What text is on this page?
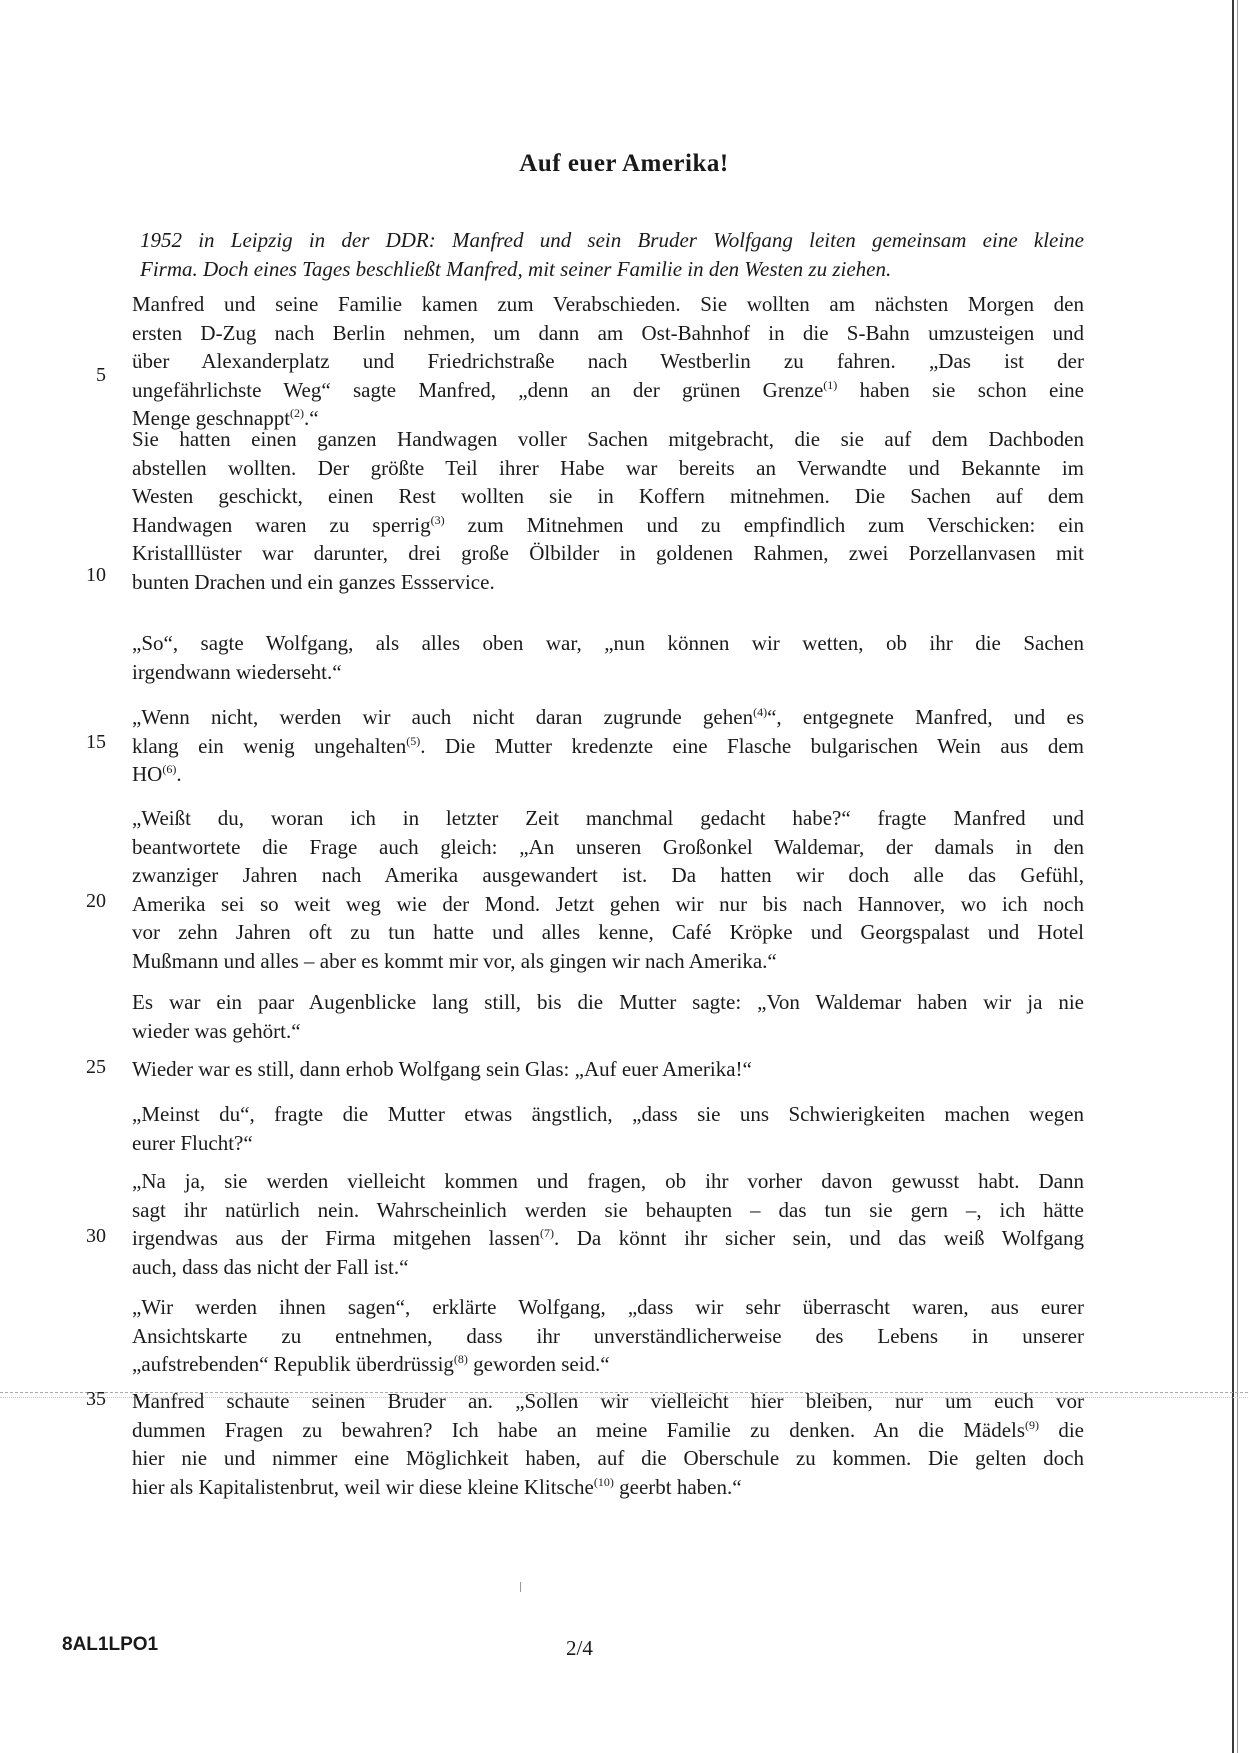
Auf euer Amerika!
1952 in Leipzig in der DDR: Manfred und sein Bruder Wolfgang leiten gemeinsam eine kleine
Firma. Doch eines Tages beschließt Manfred, mit seiner Familie in den Westen zu ziehen.
Manfred und seine Familie kamen zum Verabschieden. Sie wollten am nächsten Morgen den
ersten D-Zug nach Berlin nehmen, um dann am Ost-Bahnhof in die S-Bahn umzusteigen und
über Alexanderplatz und Friedrichstraße nach Westberlin zu fahren. „Das ist der
ungefährlichste Weg“ sagte Manfred, „denn an der grünen Grenze$^{(1)}$ haben sie schon eine
Menge geschnappt$^{(2)}$.“
5
Sie hatten einen ganzen Handwagen voller Sachen mitgebracht, die sie auf dem Dachboden
abstellen wollten. Der größte Teil ihrer Habe war bereits an Verwandte und Bekannte im
Westen geschickt, einen Rest wollten sie in Koffern mitnehmen. Die Sachen auf dem
Handwagen waren zu sperrig$^{(3)}$ zum Mitnehmen und zu empfindlich zum Verschicken: ein
Kristalllüster war darunter, drei große Ölbilder in goldenen Rahmen, zwei Porzellanvasen mit
bunten Drachen und ein ganzes Essservice.
10
„So“, sagte Wolfgang, als alles oben war, „nun können wir wetten, ob ihr die Sachen
irgendwann wiederseht.“
„Wenn nicht, werden wir auch nicht daran zugrunde gehen$^{(4)}$“, entgegnete Manfred, und es
klang ein wenig ungehalten$^{(5)}$. Die Mutter kredenzte eine Flasche bulgarischen Wein aus dem
HO$^{(6)}$.
15
„Weißt du, woran ich in letzter Zeit manchmal gedacht habe?“ fragte Manfred und
beantwortete die Frage auch gleich: „An unseren Großonkel Waldemar, der damals in den
zwanziger Jahren nach Amerika ausgewandert ist. Da hatten wir doch alle das Gefühl,
Amerika sei so weit weg wie der Mond. Jetzt gehen wir nur bis nach Hannover, wo ich noch
vor zehn Jahren oft zu tun hatte und alles kenne, Café Kröpke und Georgspalast und Hotel
Mußmann und alles – aber es kommt mir vor, als gingen wir nach Amerika.“
20
Es war ein paar Augenblicke lang still, bis die Mutter sagte: „Von Waldemar haben wir ja nie
wieder was gehört.“
Wieder war es still, dann erhob Wolfgang sein Glas: „Auf euer Amerika!“
25
„Meinst du“, fragte die Mutter etwas ängstlich, „dass sie uns Schwierigkeiten machen wegen
eurer Flucht?“
„Na ja, sie werden vielleicht kommen und fragen, ob ihr vorher davon gewusst habt. Dann
sagt ihr natürlich nein. Wahrscheinlich werden sie behaupten – das tun sie gern –, ich hätte
irgendwas aus der Firma mitgehen lassen$^{(7)}$. Da könnt ihr sicher sein, und das weiß Wolfgang
auch, dass das nicht der Fall ist.“
30
„Wir werden ihnen sagen“, erklärte Wolfgang, „dass wir sehr überrascht waren, aus eurer
Ansichtskarte zu entnehmen, dass ihr unverständlicherweise des Lebens in unserer
„aufstrebenden“ Republik überdrüssig$^{(8)}$ geworden seid.“
Manfred schaute seinen Bruder an. „Sollen wir vielleicht hier bleiben, nur um euch vor
dummen Fragen zu bewahren? Ich habe an meine Familie zu denken. An die Mädels$^{(9)}$ die
hier nie und nimmer eine Möglichkeit haben, auf die Oberschule zu kommen. Die gelten doch
hier als Kapitalistenbrut, weil wir diese kleine Klitsche$^{(10)}$ geerbt haben.“
35
8AL1LPO1	2/4
